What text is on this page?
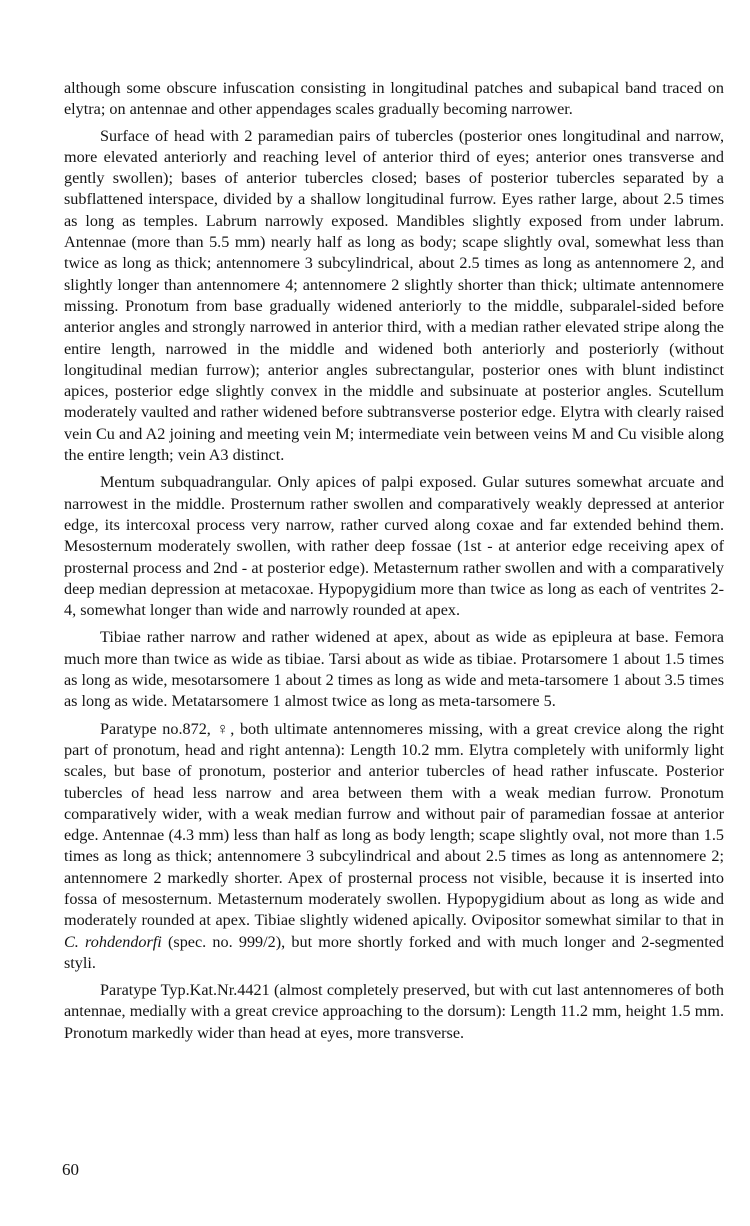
although some obscure infuscation consisting in longitudinal patches and subapical band traced on elytra; on antennae and other appendages scales gradually becoming narrower.

Surface of head with 2 paramedian pairs of tubercles (posterior ones longitudinal and narrow, more elevated anteriorly and reaching level of anterior third of eyes; anterior ones transverse and gently swollen); bases of anterior tubercles closed; bases of posterior tubercles separated by a subflattened interspace, divided by a shallow longitudinal furrow. Eyes rather large, about 2.5 times as long as temples. Labrum narrowly exposed. Mandibles slightly exposed from under labrum. Antennae (more than 5.5 mm) nearly half as long as body; scape slightly oval, somewhat less than twice as long as thick; antennomere 3 subcylindrical, about 2.5 times as long as antennomere 2, and slightly longer than antennomere 4; antennomere 2 slightly shorter than thick; ultimate antennomere missing. Pronotum from base gradually widened anteriorly to the middle, subparalel-sided before anterior angles and strongly narrowed in anterior third, with a median rather elevated stripe along the entire length, narrowed in the middle and widened both anteriorly and posteriorly (without longitudinal median furrow); anterior angles subrectangular, posterior ones with blunt indistinct apices, posterior edge slightly convex in the middle and subsinuate at posterior angles. Scutellum moderately vaulted and rather widened before subtransverse posterior edge. Elytra with clearly raised vein Cu and A2 joining and meeting vein M; intermediate vein between veins M and Cu visible along the entire length; vein A3 distinct.

Mentum subquadrangular. Only apices of palpi exposed. Gular sutures somewhat arcuate and narrowest in the middle. Prosternum rather swollen and comparatively weakly depressed at anterior edge, its intercoxal process very narrow, rather curved along coxae and far extended behind them. Mesosternum moderately swollen, with rather deep fossae (1st - at anterior edge receiving apex of prosternal process and 2nd - at posterior edge). Metasternum rather swollen and with a comparatively deep median depression at metacoxae. Hypopygidium more than twice as long as each of ventrites 2-4, somewhat longer than wide and narrowly rounded at apex.

Tibiae rather narrow and rather widened at apex, about as wide as epipleura at base. Femora much more than twice as wide as tibiae. Tarsi about as wide as tibiae. Protarsomere 1 about 1.5 times as long as wide, mesotarsomere 1 about 2 times as long as wide and meta-tarsomere 1 about 3.5 times as long as wide. Metatarsomere 1 almost twice as long as meta-tarsomere 5.

Paratype no.872, ♀, both ultimate antennomeres missing, with a great crevice along the right part of pronotum, head and right antenna): Length 10.2 mm. Elytra completely with uniformly light scales, but base of pronotum, posterior and anterior tubercles of head rather infuscate. Posterior tubercles of head less narrow and area between them with a weak median furrow. Pronotum comparatively wider, with a weak median furrow and without pair of paramedian fossae at anterior edge. Antennae (4.3 mm) less than half as long as body length; scape slightly oval, not more than 1.5 times as long as thick; antennomere 3 subcylindrical and about 2.5 times as long as antennomere 2; antennomere 2 markedly shorter. Apex of prosternal process not visible, because it is inserted into fossa of mesosternum. Metasternum moderately swollen. Hypopygidium about as long as wide and moderately rounded at apex. Tibiae slightly widened apically. Ovipositor somewhat similar to that in C. rohdendorfi (spec. no. 999/2), but more shortly forked and with much longer and 2-segmented styli.

Paratype Typ.Kat.Nr.4421 (almost completely preserved, but with cut last antennomeres of both antennae, medially with a great crevice approaching to the dorsum): Length 11.2 mm, height 1.5 mm. Pronotum markedly wider than head at eyes, more transverse.

60
